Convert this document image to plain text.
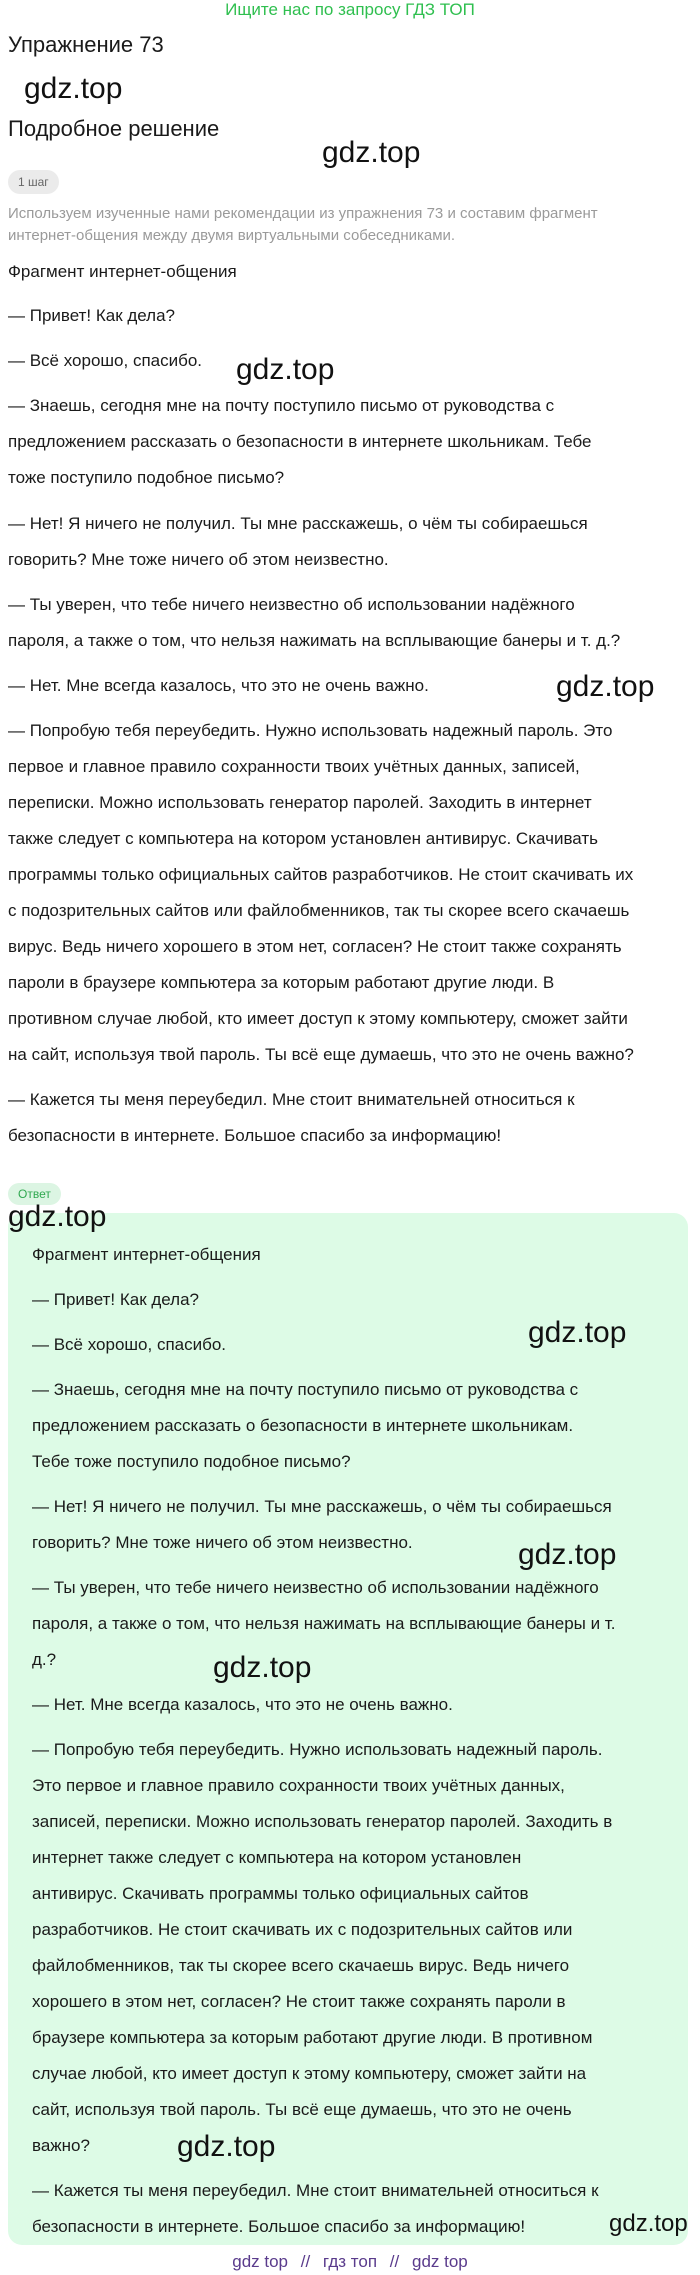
Ищите нас по запросу ГДЗ ТОП
Упражнение 73
gdz.top
Подробное решение
gdz.top
1 шаг

Используем изученные нами рекомендации из упражнения 73 и составим фрагмент
интернет-общения между двумя виртуальными собеседниками.

Фрагмент интернет-общения

— Привет! Как дела?

— Всё хорошо, спасибо.

— Знаешь, сегодня мне на почту поступило письмо от руководства с

предложением рассказать о безопасности в интернете школьникам. Тебе

тоже поступило подобное письмо?

— Нет! Я ничего не получил. Ты мне расскажешь, о чём ты собираешься

говорить? Мне тоже ничего об этом неизвестно.

— Ты уверен, что тебе ничего неизвестно об использовании надёжного

пароля, а также о том, что нельзя нажимать на всплывающие банеры и т. д.?

— Нет. Мне всегда казалось, что это не очень важно.

— Попробую тебя переубедить. Нужно использовать надежный пароль. Это

первое и главное правило сохранности твоих учётных данных, записей,

переписки. Можно использовать генератор паролей. Заходить в интернет

также следует с компьютера на котором установлен антивирус. Скачивать

программы только официальных сайтов разработчиков. Не стоит скачивать их

с подозрительных сайтов или файлобменников, так ты скорее всего скачаешь

вирус. Ведь ничего хорошего в этом нет, согласен? Не стоит также сохранять

пароли в браузере компьютера за которым работают другие люди. В

противном случае любой, кто имеет доступ к этому компьютеру, сможет зайти

на сайт, используя твой пароль. Ты всё еще думаешь, что это не очень важно?

— Кажется ты меня переубедил. Мне стоит внимательней относиться к

безопасности в интернете. Большое спасибо за информацию!

gdz.top
gdz.top
Ответ
gdz.top

Фрагмент интернет-общения

— Привет! Как дела?

— Всё хорошо, спасибо.

— Знаешь, сегодня мне на почту поступило письмо от руководства с

предложением рассказать о безопасности в интернете школьникам.

Тебе тоже поступило подобное письмо?

— Нет! Я ничего не получил. Ты мне расскажешь, о чём ты собираешься

говорить? Мне тоже ничего об этом неизвестно.

— Ты уверен, что тебе ничего неизвестно об использовании надёжного

пароля, а также о том, что нельзя нажимать на всплывающие банеры и т.

д.?

— Нет. Мне всегда казалось, что это не очень важно.

— Попробую тебя переубедить. Нужно использовать надежный пароль.

Это первое и главное правило сохранности твоих учётных данных,

записей, переписки. Можно использовать генератор паролей. Заходить в

интернет также следует с компьютера на котором установлен

антивирус. Скачивать программы только официальных сайтов

разработчиков. Не стоит скачивать их с подозрительных сайтов или

файлобменников, так ты скорее всего скачаешь вирус. Ведь ничего

хорошего в этом нет, согласен? Не стоит также сохранять пароли в

браузере компьютера за которым работают другие люди. В противном

случае любой, кто имеет доступ к этому компьютеру, сможет зайти на

сайт, используя твой пароль. Ты всё еще думаешь, что это не очень

важно?

— Кажется ты меня переубедил. Мне стоит внимательней относиться к

безопасности в интернете. Большое спасибо за информацию!

gdz.top
gdz.top
gdz.top
gdz.top
gdz.top
gdz top // гдз топ // gdz top
